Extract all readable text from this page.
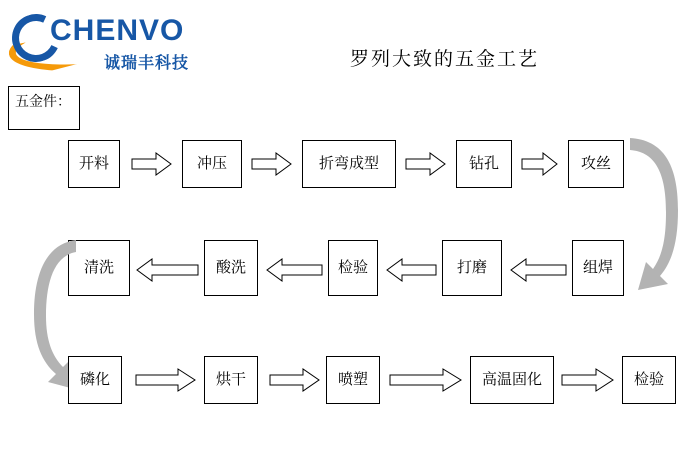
CHENVO
诚瑞丰科技	罗列大致的五金工艺
五金件：
开料	冲压	折弯成型	钻孔	攻丝
组焊
打磨
检验
酸洗
清洗
磷化	烘干	喷塑	高温固化	检验
